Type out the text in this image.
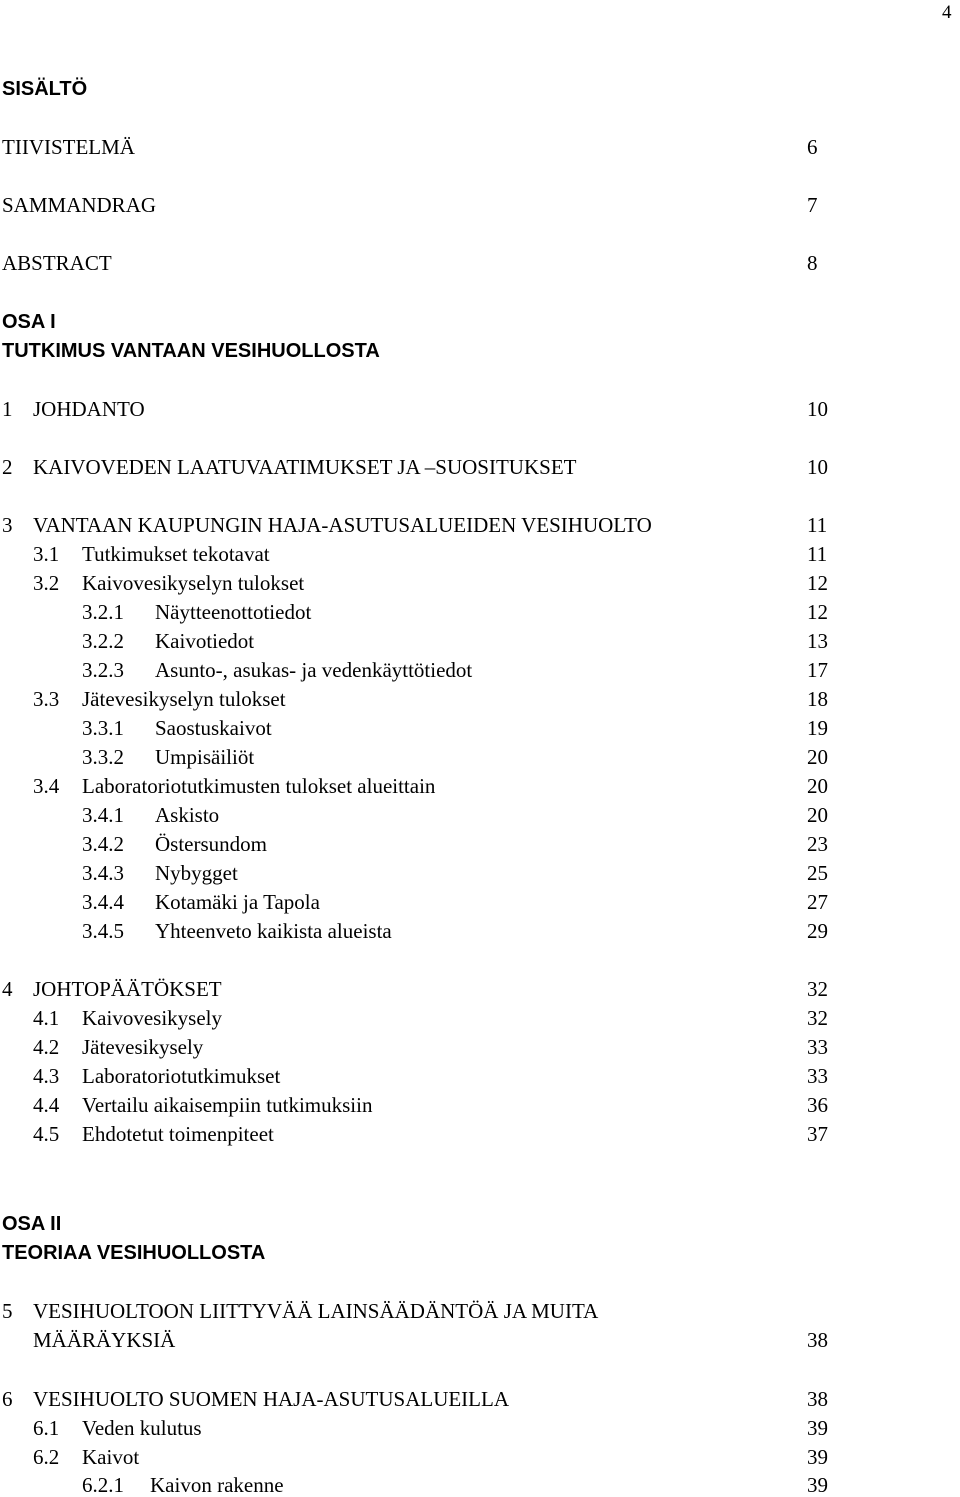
4
SISÄLTÖ
TIIVISTELMÄ	6
SAMMANDRAG	7
ABSTRACT	8
OSA I
TUTKIMUS VANTAAN VESIHUOLLOSTA
1 JOHDANTO	10
2 KAIVOVEDEN LAATUVAATIMUKSET JA –SUOSITUKSET	10
3 VANTAAN KAUPUNGIN HAJA-ASUTUSALUEIDEN VESIHUOLTO	11
3.1 Tutkimukset tekotavat	11
3.2 Kaivovesikyselyn tulokset	12
3.2.1 Näytteenottotiedot	12
3.2.2 Kaivotiedot	13
3.2.3 Asunto-, asukas- ja vedenkäyttötiedot	17
3.3 Jätevesikyselyn tulokset	18
3.3.1 Saostuskaivot	19
3.3.2 Umpisäiliöt	20
3.4 Laboratoriotutkimusten tulokset alueittain	20
3.4.1 Askisto	20
3.4.2 Östersundom	23
3.4.3 Nybygget	25
3.4.4 Kotamäki ja Tapola	27
3.4.5 Yhteenveto kaikista alueista	29
4 JOHTOPÄÄTÖKSET	32
4.1 Kaivovesikysely	32
4.2 Jätevesikysely	33
4.3 Laboratoriotutkimukset	33
4.4 Vertailu aikaisempiin tutkimuksiin	36
4.5 Ehdotetut toimenpiteet	37
OSA II
TEORIAA VESIHUOLLOSTA
5 VESIHUOLTOON LIITTYVÄÄ LAINSÄÄDÄNTÖÄ JA MUITA
MÄÄRÄYKSIÄ	38
6 VESIHUOLTO SUOMEN HAJA-ASUTUSALUEILLA	38
6.1 Veden kulutus	39
6.2 Kaivot	39
6.2.1 Kaivon rakenne	39
